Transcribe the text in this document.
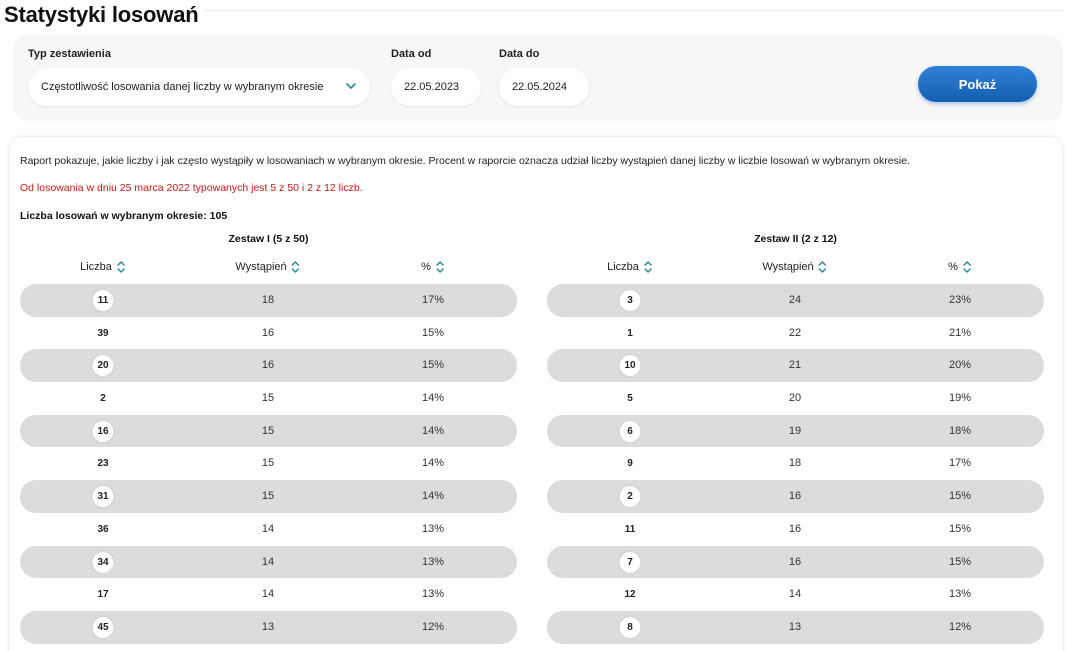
Statystyki losowań
Typ zestawienia
Częstotliwość losowania danej liczby w wybranym okresie
Data od
22.05.2023
Data do
22.05.2024	Pokaż
Raport pokazuje, jakie liczby i jak często wystąpiły w losowaniach w wybranym okresie. Procent w raporcie oznacza udział liczby wystąpień danej liczby w liczbie losowań w wybranym okresie.
Od losowania w dniu 25 marca 2022 typowanych jest 5 z 50 i 2 z 12 liczb.
Liczba losowań w wybranym okresie: 105
Zestaw I (5 z 50)
Liczba	Wystąpień	%
11	18	17%
39	16	15%
20	16	15%
2	15	14%
16	15	14%
23	15	14%
31	15	14%
36	14	13%
34	14	13%
17	14	13%
45	13	12%
Zestaw II (2 z 12)
Liczba	Wystąpień	%
3	24	23%
1	22	21%
10	21	20%
5	20	19%
6	19	18%
9	18	17%
2	16	15%
11	16	15%
7	16	15%
12	14	13%
8	13	12%
